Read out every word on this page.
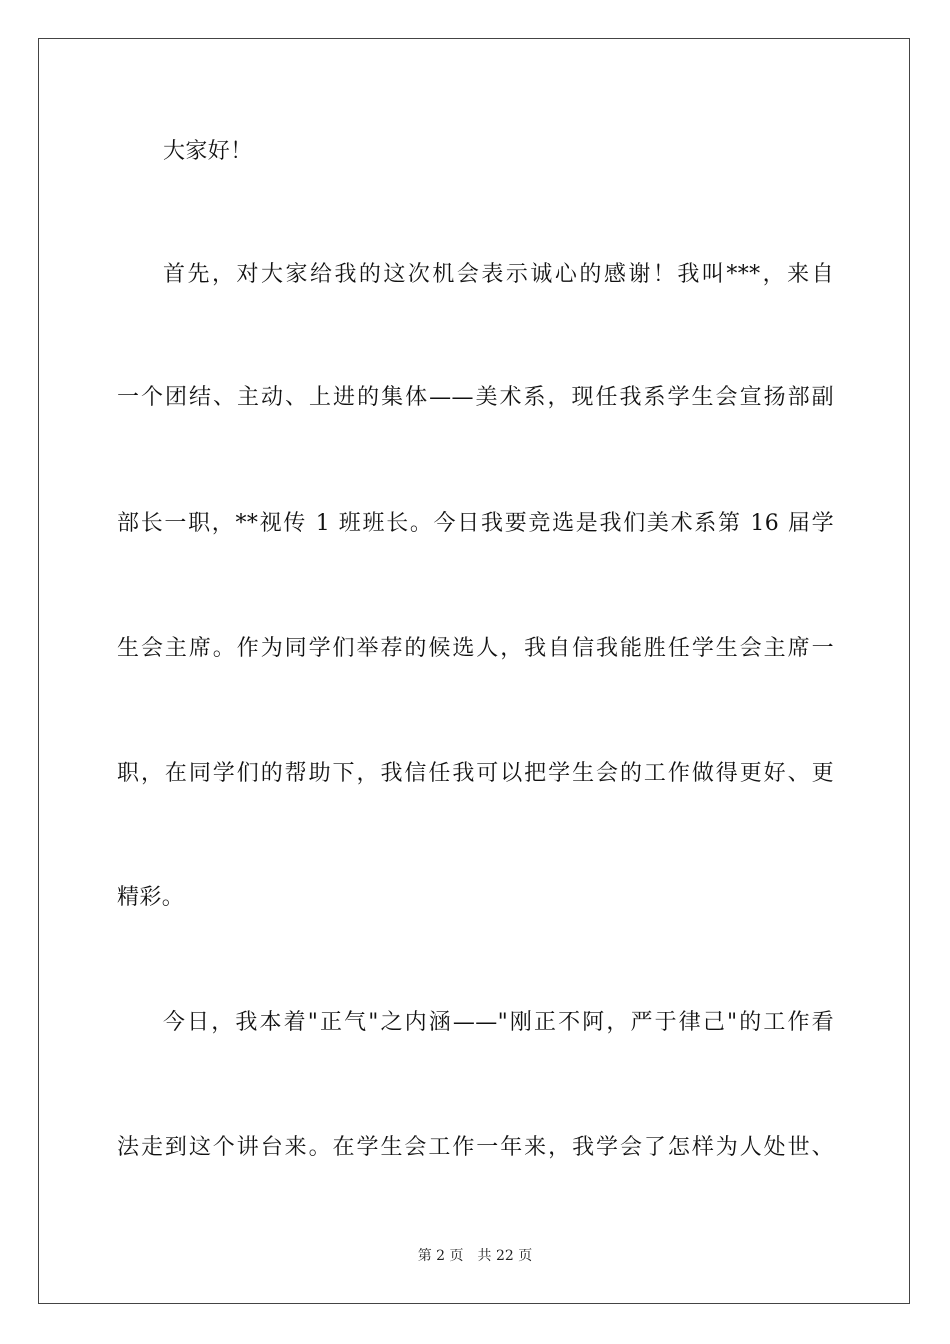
大家好！
首先，对大家给我的这次机会表示诚心的感谢！我叫***，来自
一个团结、主动、上进的集体——美术系，现任我系学生会宣扬部副
部长一职，**视传 1 班班长。今日我要竞选是我们美术系第 16 届学
生会主席。作为同学们举荐的候选人，我自信我能胜任学生会主席一
职，在同学们的帮助下，我信任我可以把学生会的工作做得更好、更
精彩。
今日，我本着"正气"之内涵——"刚正不阿，严于律己"的工作看
法走到这个讲台来。在学生会工作一年来，我学会了怎样为人处世、
第 2 页 共 22 页
